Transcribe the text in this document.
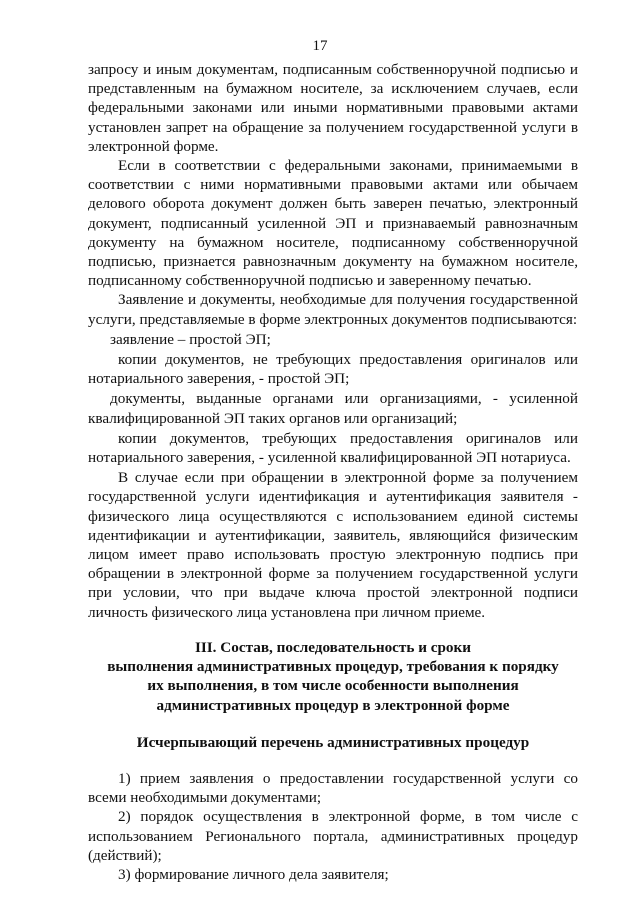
17

запросу и иным документам, подписанным собственноручной подписью и представленным на бумажном носителе, за исключением случаев, если федеральными законами или иными нормативными правовыми актами установлен запрет на обращение за получением государственной услуги в электронной форме.

Если в соответствии с федеральными законами, принимаемыми в соответствии с ними нормативными правовыми актами или обычаем делового оборота документ должен быть заверен печатью, электронный документ, подписанный усиленной ЭП и признаваемый равнозначным документу на бумажном носителе, подписанному собственноручной подписью, признается равнозначным документу на бумажном носителе, подписанному собственноручной подписью и заверенному печатью.

Заявление и документы, необходимые для получения государственной услуги, представляемые в форме электронных документов подписываются:

заявление – простой ЭП;

копии документов, не требующих предоставления оригиналов или нотариального заверения, - простой ЭП;

документы, выданные органами или организациями, - усиленной квалифицированной ЭП таких органов или организаций;

копии документов, требующих предоставления оригиналов или нотариального заверения, - усиленной квалифицированной ЭП нотариуса.

В случае если при обращении в электронной форме за получением государственной услуги идентификация и аутентификация заявителя - физического лица осуществляются с использованием единой системы идентификации и аутентификации, заявитель, являющийся физическим лицом имеет право использовать простую электронную подпись при обращении в электронной форме за получением государственной услуги при условии, что при выдаче ключа простой электронной подписи личность физического лица установлена при личном приеме.

III. Состав, последовательность и сроки
выполнения административных процедур, требования к порядку
их выполнения, в том числе особенности выполнения
административных процедур в электронной форме
Исчерпывающий перечень административных процедур

1) прием заявления о предоставлении государственной услуги со всеми необходимыми документами;

2) порядок осуществления в электронной форме, в том числе с использованием Регионального портала, административных процедур (действий);

3) формирование личного дела заявителя;
